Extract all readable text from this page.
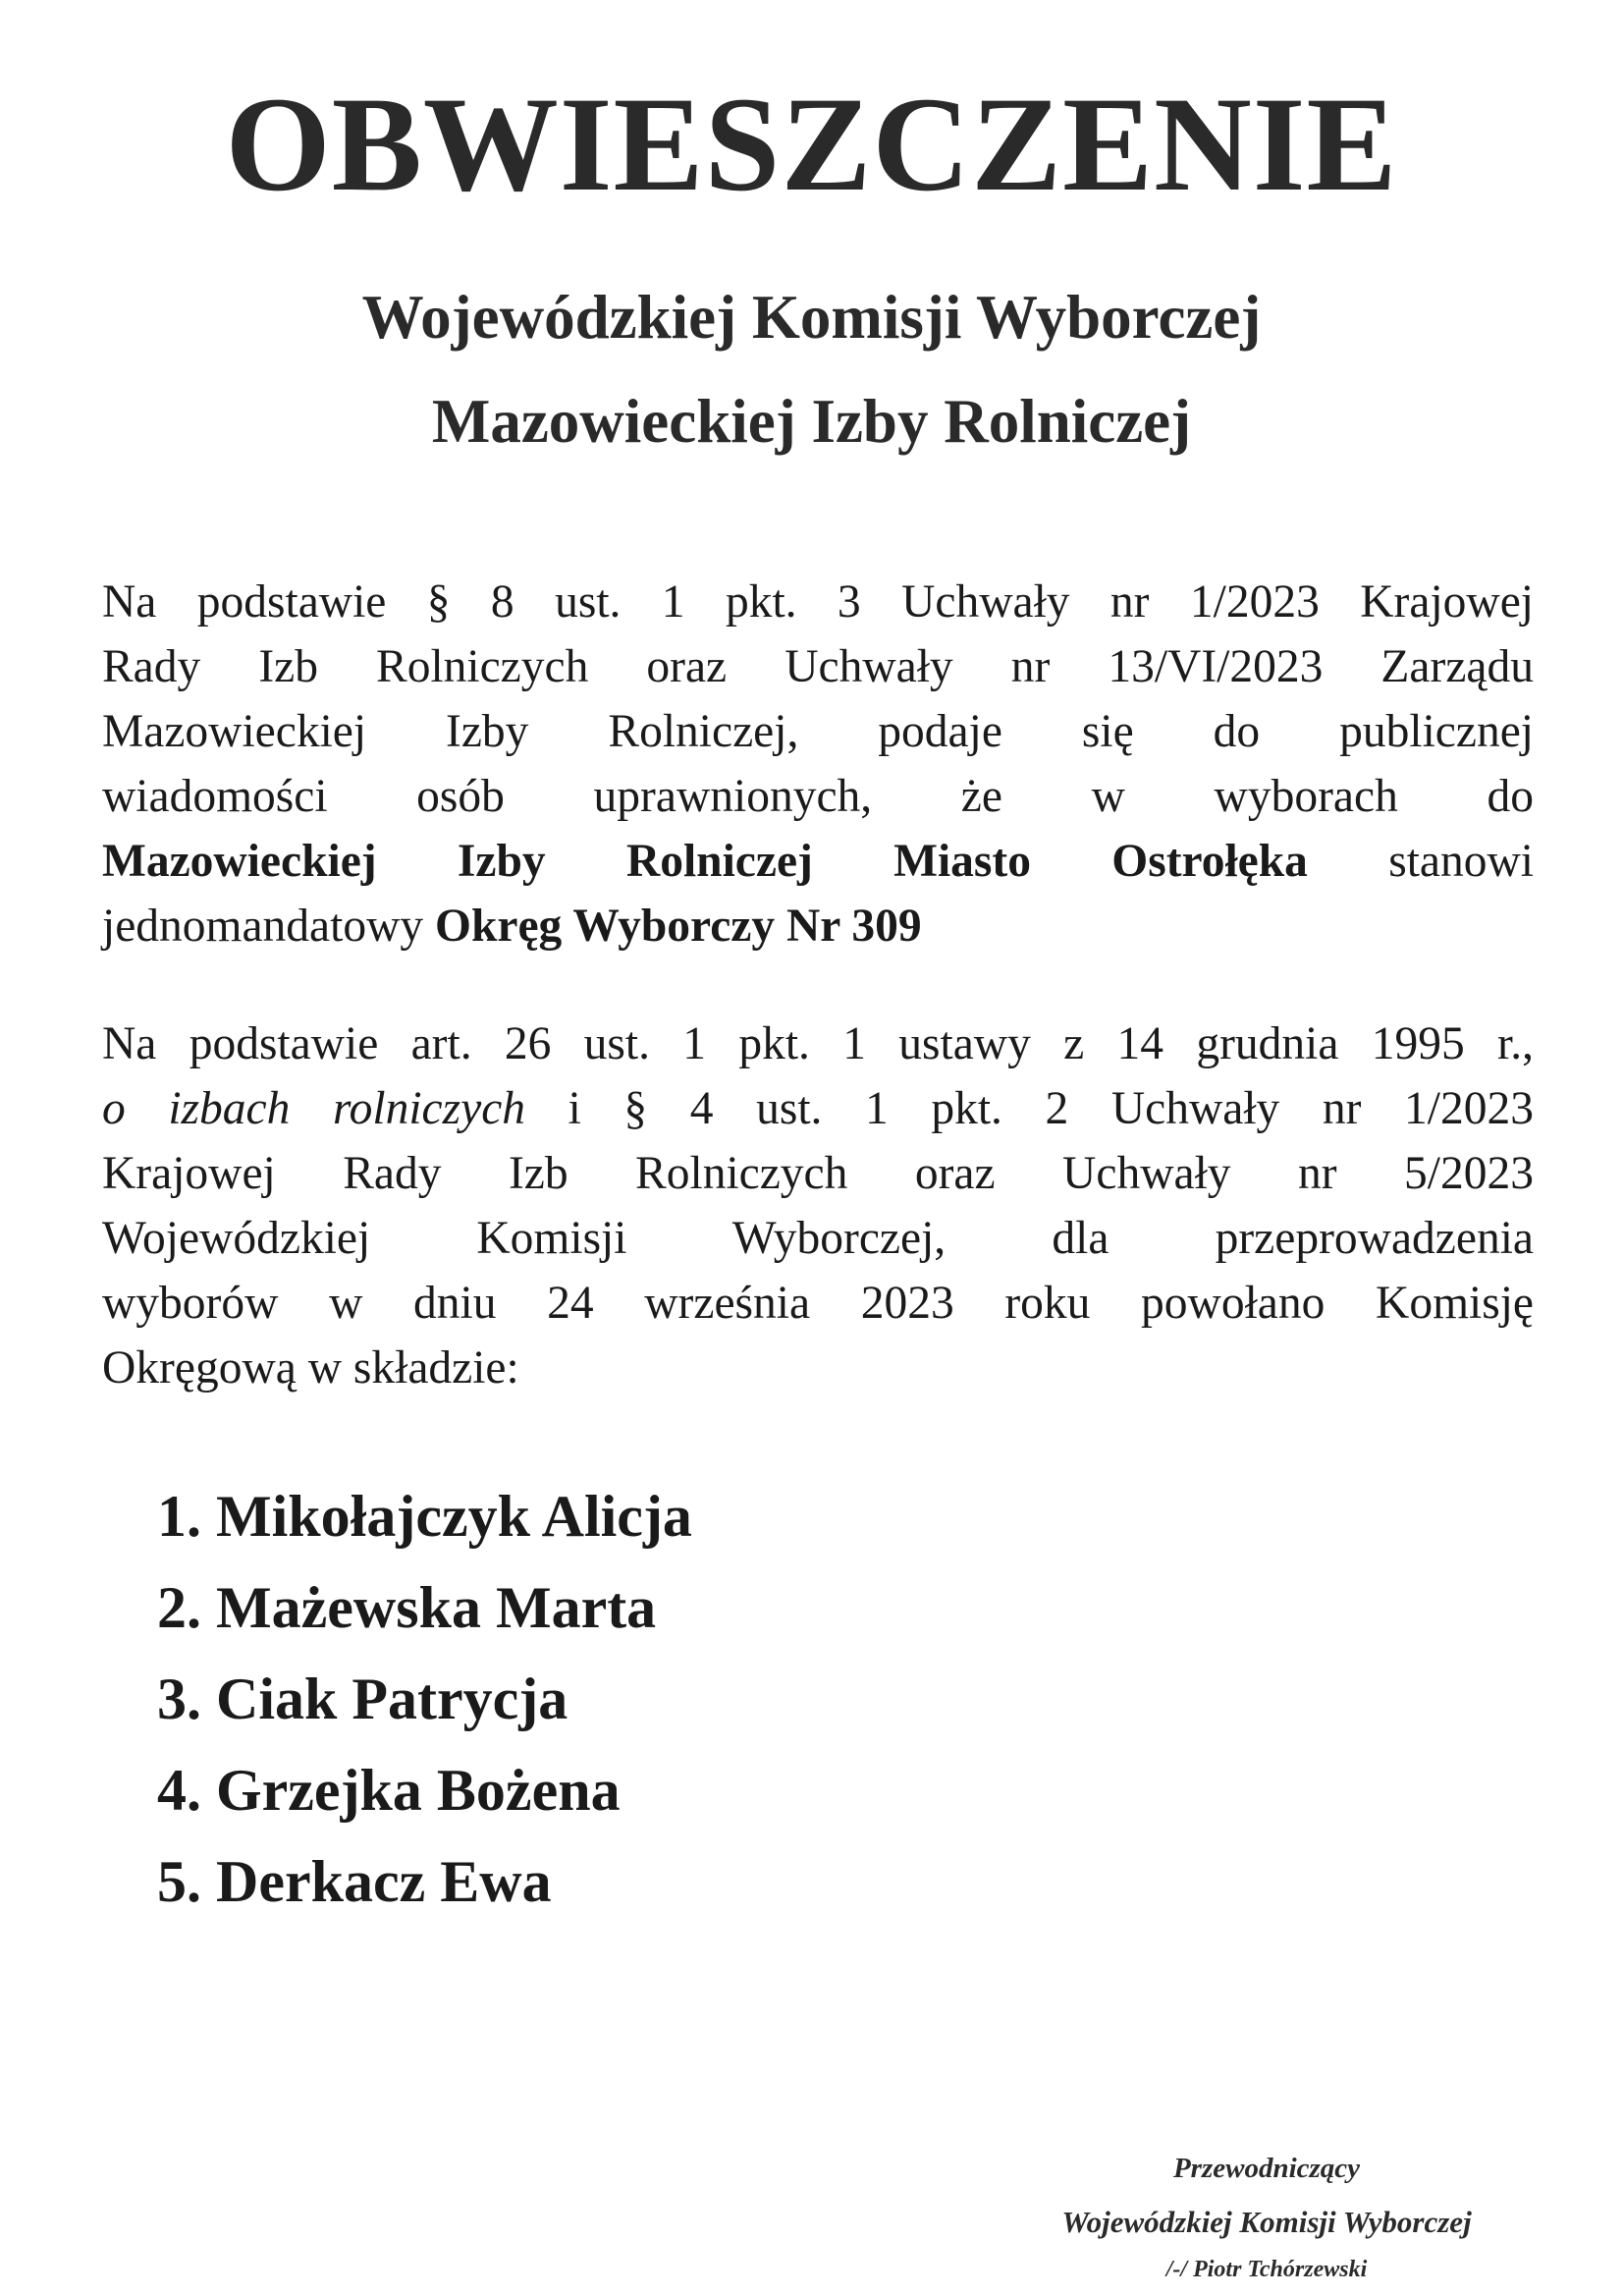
OBWIESZCZENIE
Wojewódzkiej Komisji Wyborczej
Mazowieckiej Izby Rolniczej
Na podstawie § 8 ust. 1 pkt. 3 Uchwały nr 1/2023 Krajowej
Rady Izb Rolniczych oraz Uchwały nr 13/VI/2023 Zarządu
Mazowieckiej Izby Rolniczej, podaje się do publicznej
wiadomości osób uprawnionych, że w wyborach do
Mazowieckiej Izby Rolniczej Miasto Ostrołęka stanowi
jednomandatowy Okręg Wyborczy Nr 309
Na podstawie art. 26 ust. 1 pkt. 1 ustawy z 14 grudnia 1995 r.,
o izbach rolniczych i § 4 ust. 1 pkt. 2 Uchwały nr 1/2023
Krajowej Rady Izb Rolniczych oraz Uchwały nr 5/2023
Wojewódzkiej Komisji Wyborczej, dla przeprowadzenia
wyborów w dniu 24 września 2023 roku powołano Komisję
Okręgową w składzie:
1. Mikołajczyk Alicja
2. Mażewska Marta
3. Ciak Patrycja
4. Grzejka Bożena
5. Derkacz Ewa

Przewodniczący

Wojewódzkiej Komisji Wyborczej

/-/ Piotr Tchórzewski
